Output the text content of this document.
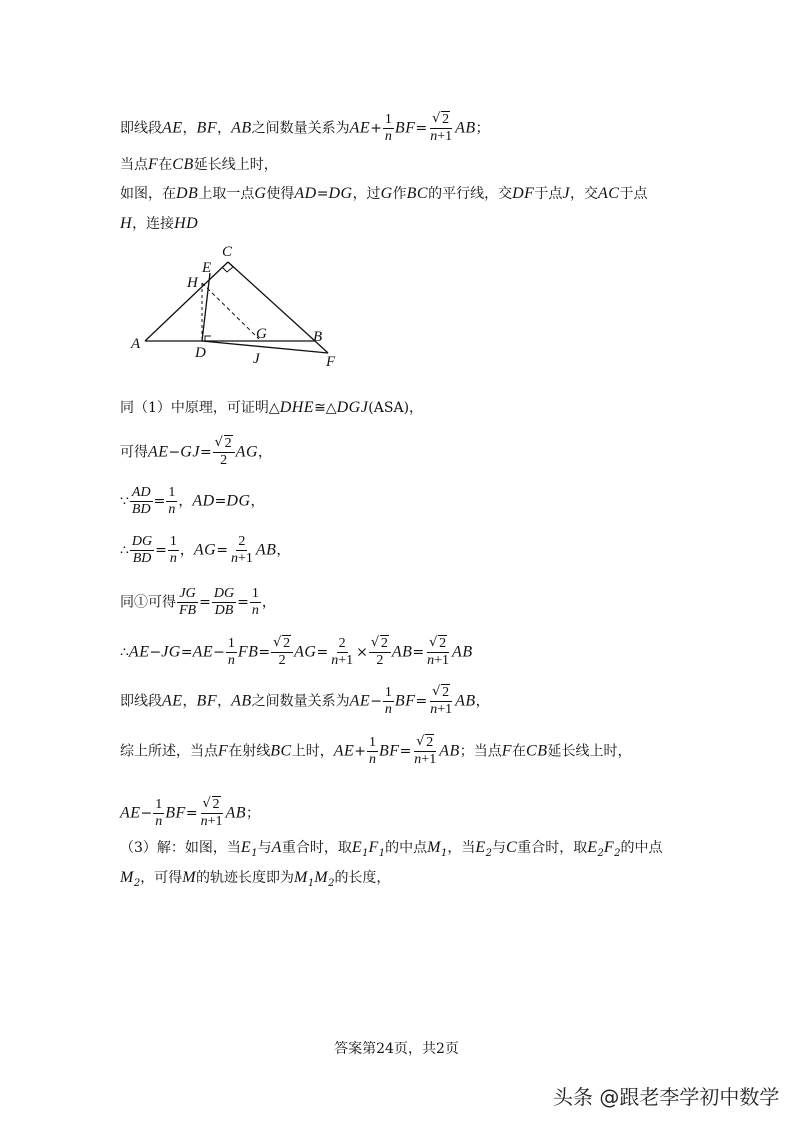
即线段AE，BF，AB之间数量关系为$AE+ \frac{1}{n} BF=$ √ $\frac{2}{n+1}$ AB；
当点F在CB延长线上时，
如图，在DB上取一点G使得AD=DG，过G作BC的平行线，交DF于点J，交AC于点
H，连接HD
A	B
C
D
E
F
G
H
J
同（1）中原理，可证明△DHE≅△DGJ(ASA)，
可得AE−GJ= √ $\frac{2}{2}$ AG，
∵ $\frac{AD}{BD} = \frac{1}{n}$ ，AD=DG，
∴ $\frac{DG}{BD} = \frac{1}{n}$ ，$AG= \frac{2}{n+1}$ AB，
同①可得 $\frac{JG}{FB} = \frac{DG}{DB} = \frac{1}{n}$ ，
∴AE−JG=AE− $\frac{1}{n} FB=$ √ $\frac{2}{2} AG= \frac{2}{n+1}$ × √ $\frac{2}{2} AB=$ √ $\frac{2}{n+1}$ AB
即线段AE，BF，AB之间数量关系为$AE- \frac{1}{n} BF=$ √ $\frac{2}{n+1}$ AB，
综上所述，当点F在射线BC上时，$AE+ \frac{1}{n} BF=$ √ $\frac{2}{n+1}$ AB；当点F在CB延长线上时，
$AE- \frac{1}{n} BF=$ √ $\frac{2}{n+1}$ AB；
（3）解：如图，当$E_1$与A重合时，取$E_1F_1$的中点$M_1$，当$E_2$与C重合时，取$E_2F_2$的中点
$M_2$，可得M的轨迹长度即为$M_1M_2$的长度，
答案第24页，共2页
头条 @跟老李学初中数学
